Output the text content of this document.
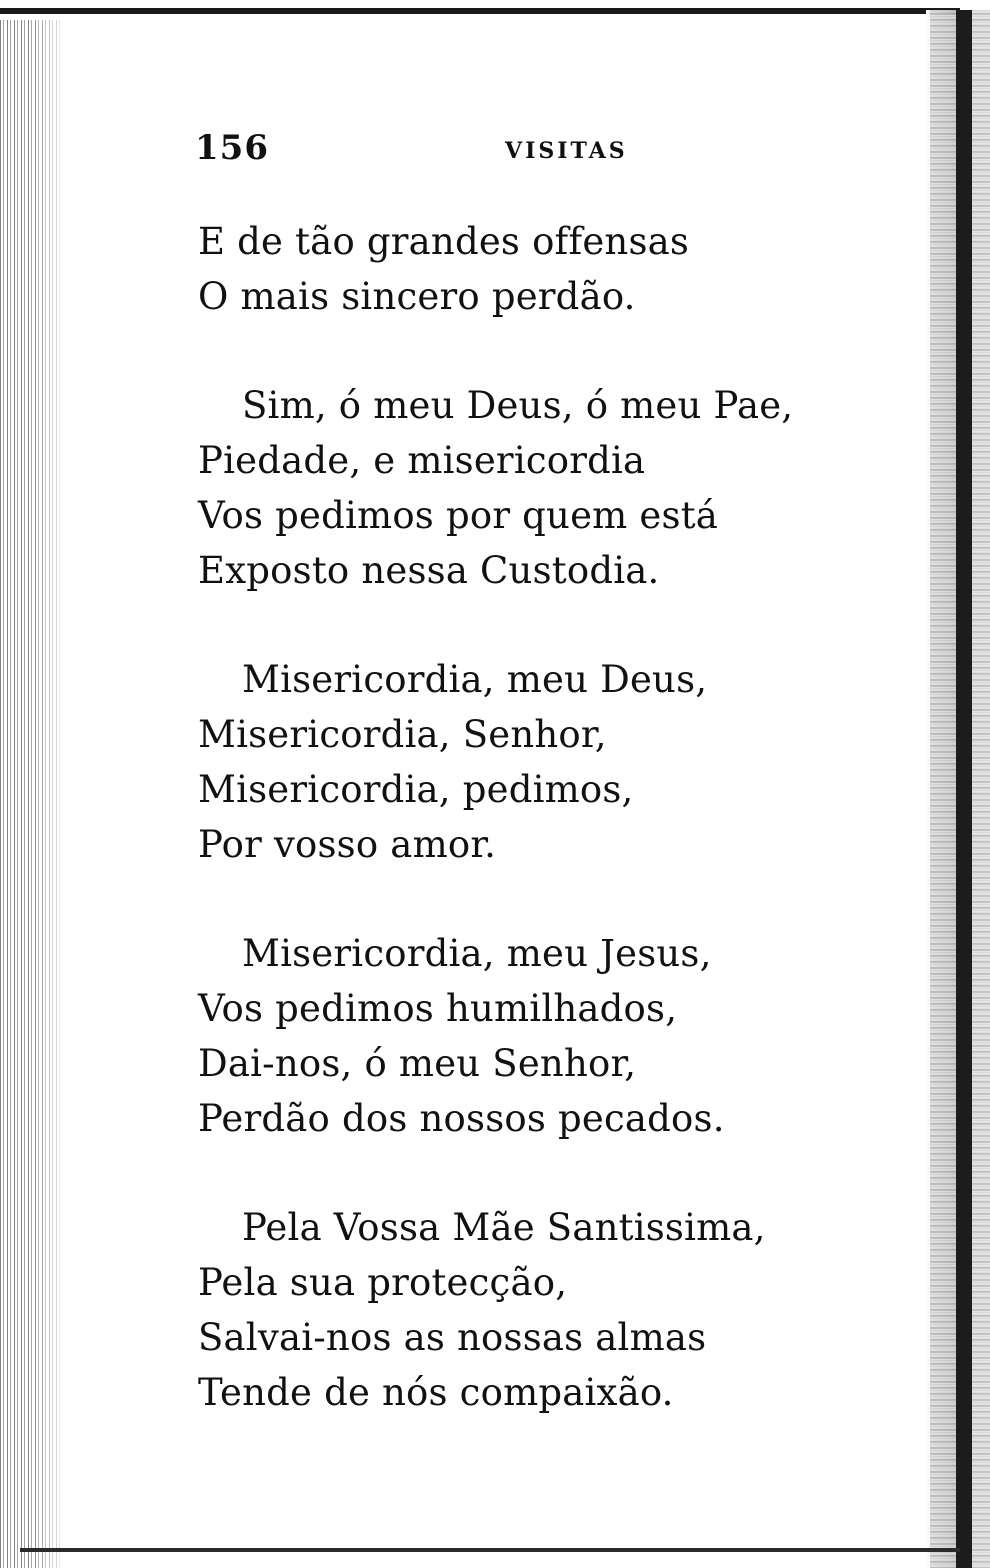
156	VISITAS
E de tão grandes offensas
O mais sincero perdão.
Sim, ó meu Deus, ó meu Pae,
Piedade, e misericordia
Vos pedimos por quem está
Exposto nessa Custodia.
Misericordia, meu Deus,
Misericordia, Senhor,
Misericordia, pedimos,
Por vosso amor.
Misericordia, meu Jesus,
Vos pedimos humilhados,
Dai-nos, ó meu Senhor,
Perdão dos nossos pecados.
Pela Vossa Mãe Santissima,
Pela sua protecção,
Salvai-nos as nossas almas
Tende de nós compaixão.
